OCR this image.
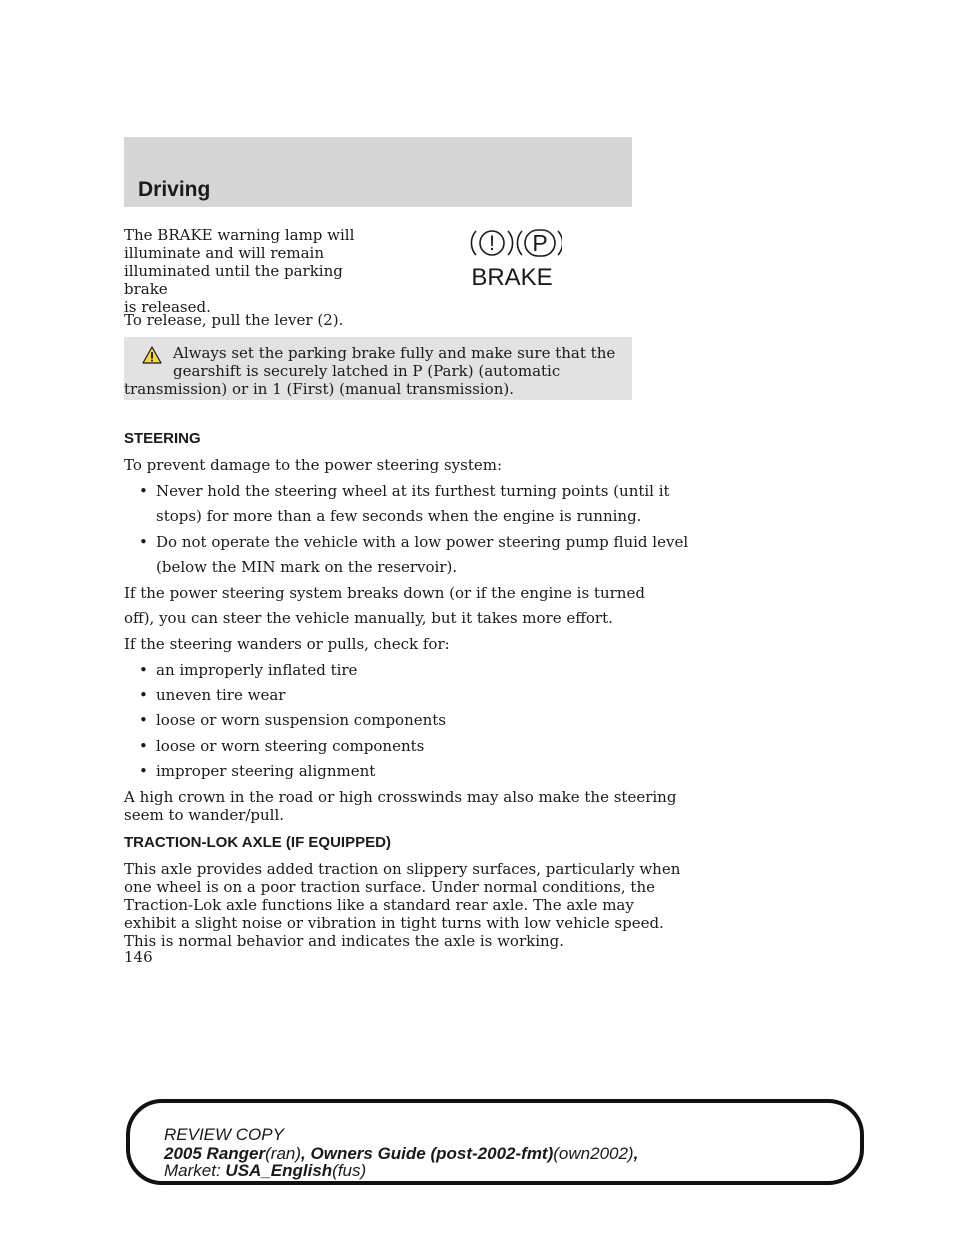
Driving
The BRAKE warning lamp will
illuminate and will remain
illuminated until the parking brake
is released.
! P
BRAKE
To release, pull the lever (2).
Always set the parking brake fully and make sure that the
gearshift is securely latched in P (Park) (automatic
transmission) or in 1 (First) (manual transmission).
STEERING
To prevent damage to the power steering system:
• Never hold the steering wheel at its furthest turning points (until it
stops) for more than a few seconds when the engine is running.
• Do not operate the vehicle with a low power steering pump fluid level
(below the MIN mark on the reservoir).
If the power steering system breaks down (or if the engine is turned
off), you can steer the vehicle manually, but it takes more effort.
If the steering wanders or pulls, check for:
• an improperly inflated tire
• uneven tire wear
• loose or worn suspension components
• loose or worn steering components
• improper steering alignment
A high crown in the road or high crosswinds may also make the steering
seem to wander/pull.
TRACTION-LOK AXLE (IF EQUIPPED)
This axle provides added traction on slippery surfaces, particularly when
one wheel is on a poor traction surface. Under normal conditions, the
Traction-Lok axle functions like a standard rear axle. The axle may
exhibit a slight noise or vibration in tight turns with low vehicle speed.
This is normal behavior and indicates the axle is working.
146
REVIEW COPY
2005 Ranger(ran), Owners Guide (post-2002-fmt)(own2002),
Market: USA_English(fus)
